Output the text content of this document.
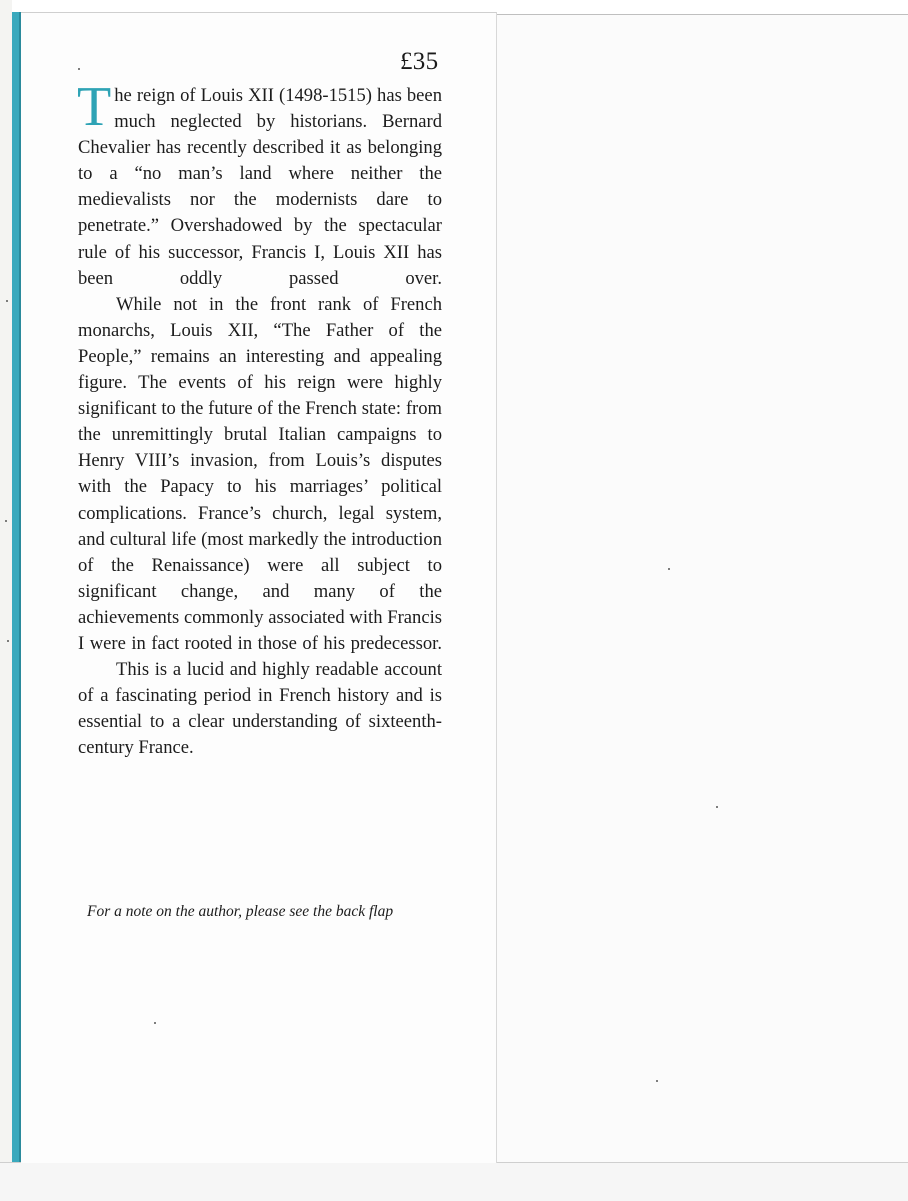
£35

The reign of Louis XII (1498-1515) has been much neglected by historians. Bernard Chevalier has recently described it as belonging to a “no man’s land where neither the medievalists nor the modernists dare to penetrate.” Overshadowed by the spectacular rule of his successor, Francis I, Louis XII has been oddly passed over.

While not in the front rank of French monarchs, Louis XII, “The Father of the People,” remains an interesting and appealing figure. The events of his reign were highly significant to the future of the French state: from the unremittingly brutal Italian campaigns to Henry VIII’s invasion, from Louis’s disputes with the Papacy to his marriages’ political complications. France’s church, legal system, and cultural life (most markedly the introduction of the Renaissance) were all subject to significant change, and many of the achievements commonly associated with Francis I were in fact rooted in those of his predecessor.

This is a lucid and highly readable account of a fascinating period in French history and is essential to a clear understanding of sixteenth-century France.

For a note on the author, please see the back flap
